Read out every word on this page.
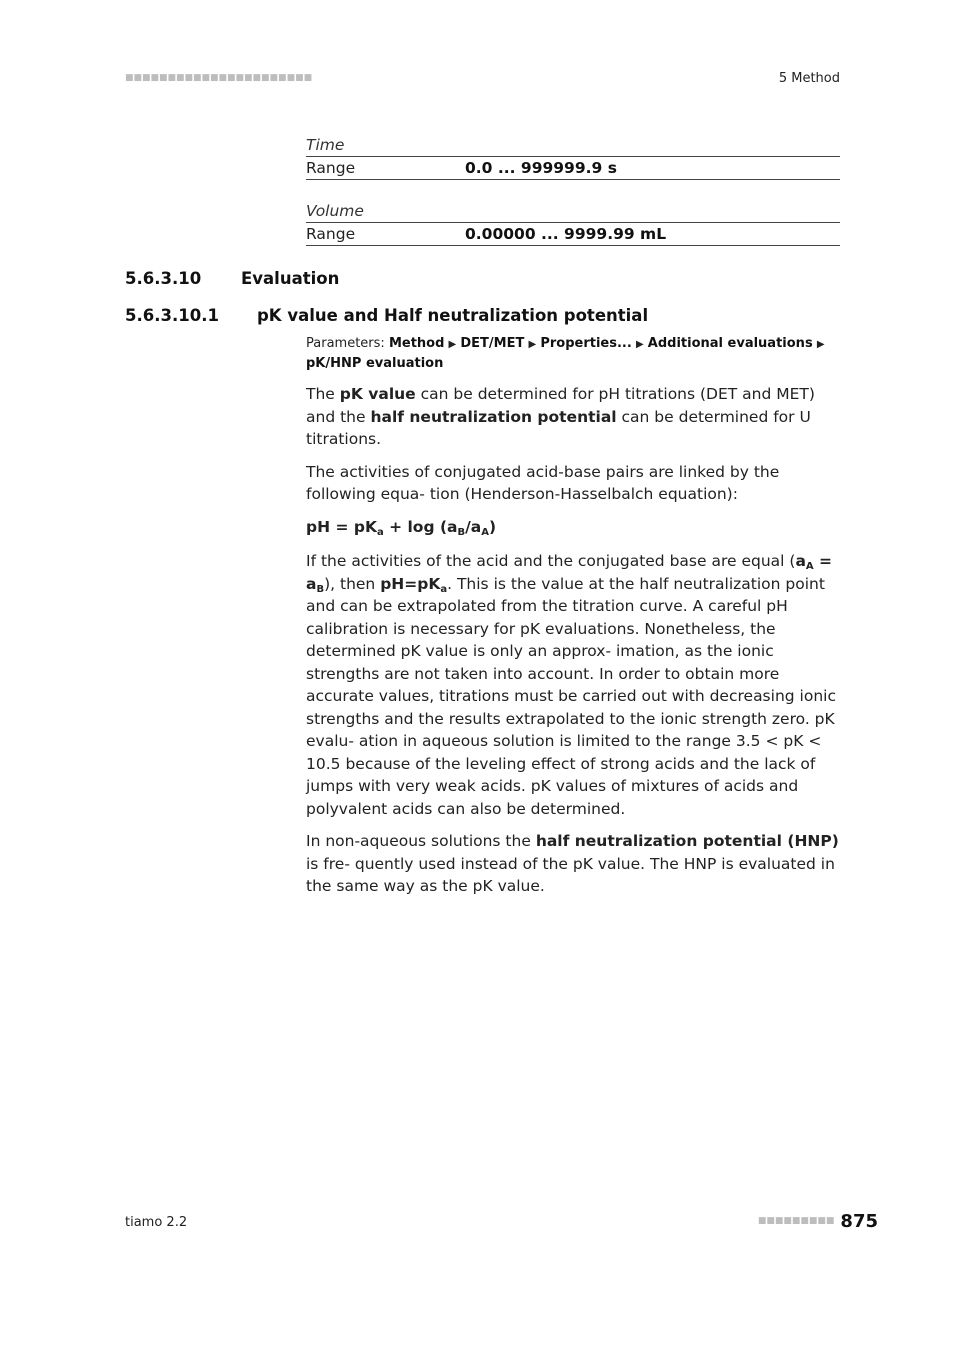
■■■■■■■■■■■■■■■■■■■■■■	5 Method
Time
Range	0.0 ... 999999.9 s
Volume
Range	0.00000 ... 9999.99 mL
5.6.3.10	Evaluation
5.6.3.10.1	pK value and Half neutralization potential
Parameters: Method ▶ DET/MET ▶ Properties... ▶ Additional evaluations ▶ pK/HNP evaluation

The pK value can be determined for pH titrations (DET and MET) and the half neutralization potential can be determined for U titrations.

The activities of conjugated acid-base pairs are linked by the following equa- tion (Henderson-Hasselbalch equation):

pH = $pK_a + \log (a_B/a_A)$

If the activities of the acid and the conjugated base are equal $(a_A = a_B)$, then $pH=pK_a$. This is the value at the half neutralization point and can be extrapolated from the titration curve. A careful pH calibration is necessary for pK evaluations. Nonetheless, the determined pK value is only an approx- imation, as the ionic strengths are not taken into account. In order to obtain more accurate values, titrations must be carried out with decreasing ionic strengths and the results extrapolated to the ionic strength zero. pK evalu- ation in aqueous solution is limited to the range 3.5 < pK < 10.5 because of the leveling effect of strong acids and the lack of jumps with very weak acids. pK values of mixtures of acids and polyvalent acids can also be determined.

In non-aqueous solutions the half neutralization potential (HNP) is fre- quently used instead of the pK value. The HNP is evaluated in the same way as the pK value.

tiamo 2.2	■■■■■■■■■ 875
